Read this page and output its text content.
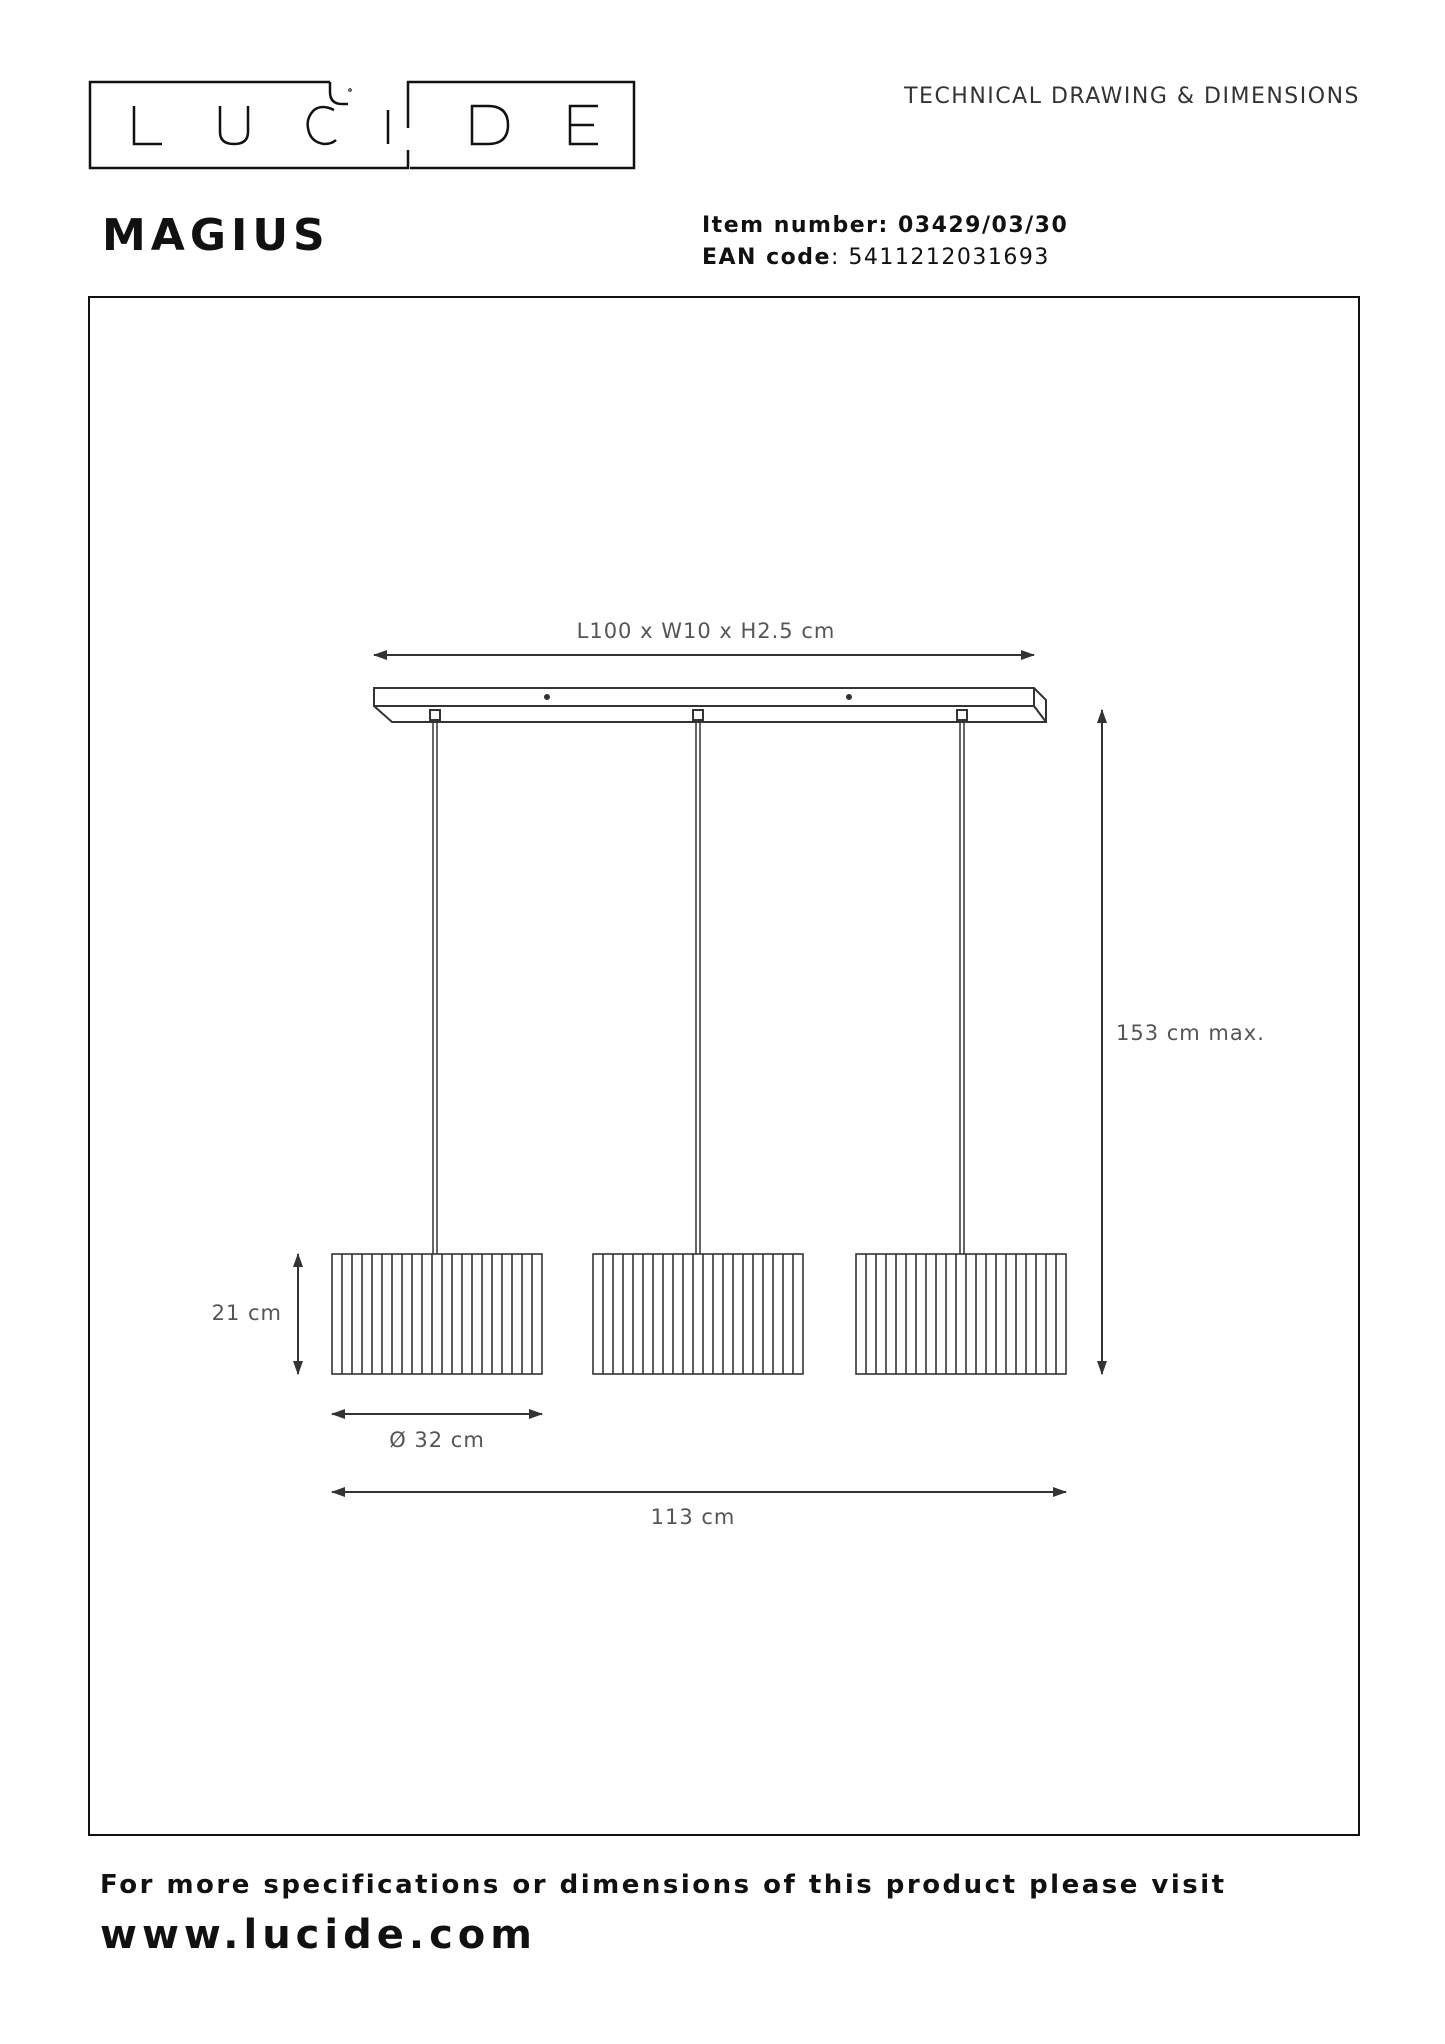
TECHNICAL DRAWING & DIMENSIONS
MAGIUS	Item number: 03429/03/30
EAN code: 5411212031693
L100 x W10 x H2.5 cm
153 cm max.
21 cm
Ø 32 cm
113 cm
For more specifications or dimensions of this product please visit
www.lucide.com
